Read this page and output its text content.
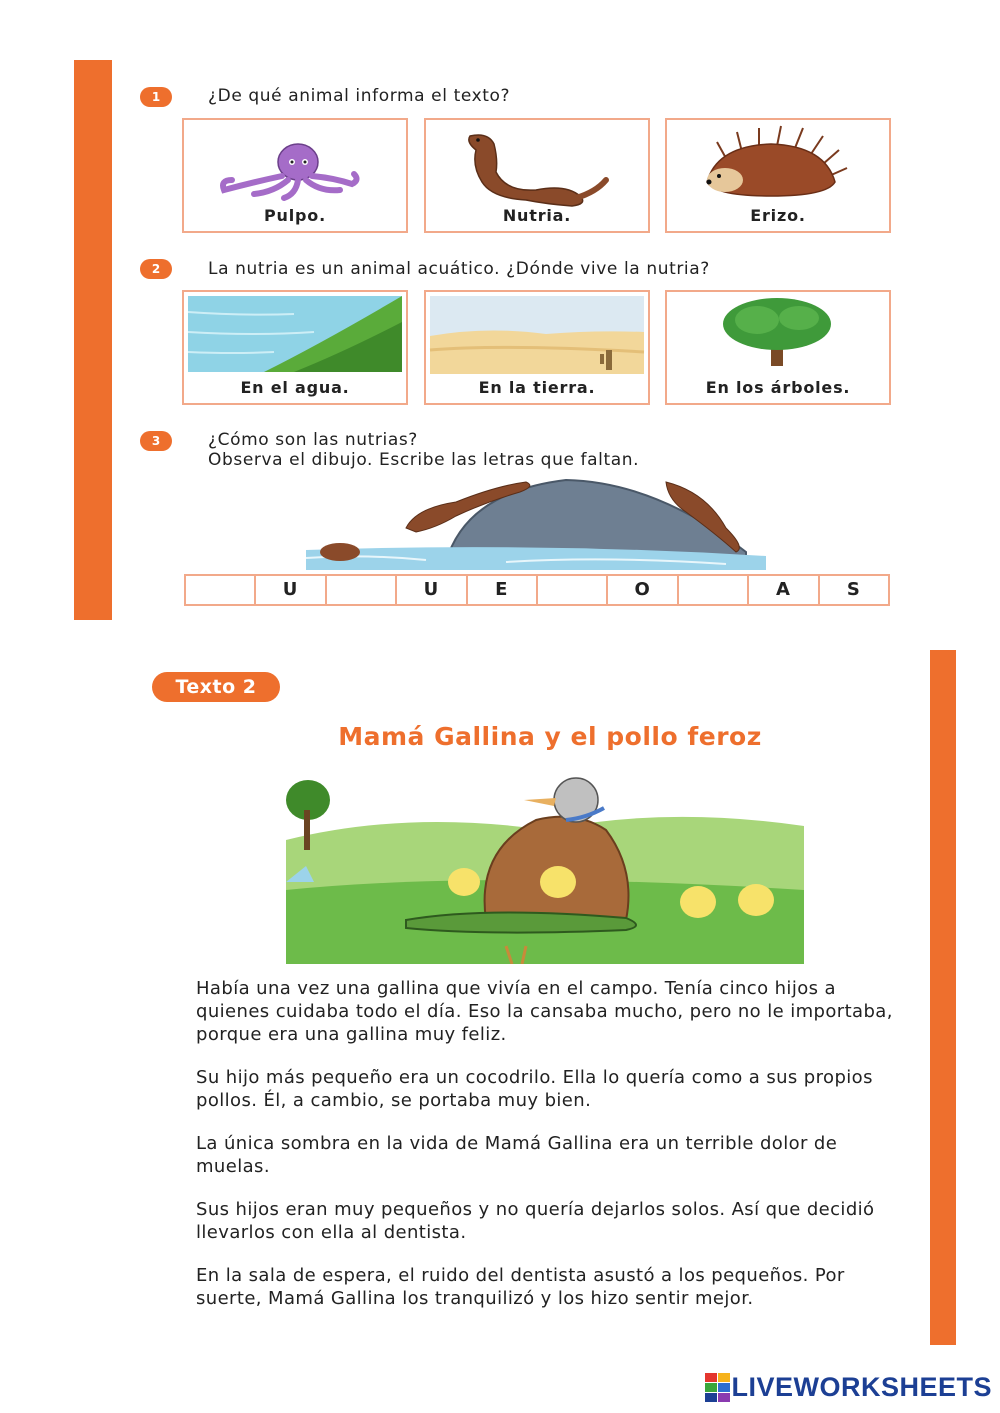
1	¿De qué animal informa el texto?
Pulpo.	Nutria.	Erizo.
2	La nutria es un animal acuático. ¿Dónde vive la nutria?
En el agua.	En la tierra.	En los árboles.
3	¿Cómo son las nutrias?
Observa el dibujo. Escribe las letras que faltan.
U	U	E	O	A	S
Texto 2
Mamá Gallina y el pollo feroz
Había una vez una gallina que vivía en el campo. Tenía cinco hijos a quienes cuidaba todo el día. Eso la cansaba mucho, pero no le importaba, porque era una gallina muy feliz.
Su hijo más pequeño era un cocodrilo. Ella lo quería como a sus propios pollos. Él, a cambio, se portaba muy bien.
La única sombra en la vida de Mamá Gallina era un terrible dolor de muelas.
Sus hijos eran muy pequeños y no quería dejarlos solos. Así que decidió llevarlos con ella al dentista.
En la sala de espera, el ruido del dentista asustó a los pequeños. Por suerte, Mamá Gallina los tranquilizó y los hizo sentir mejor.
LIVEWORKSHEETS
